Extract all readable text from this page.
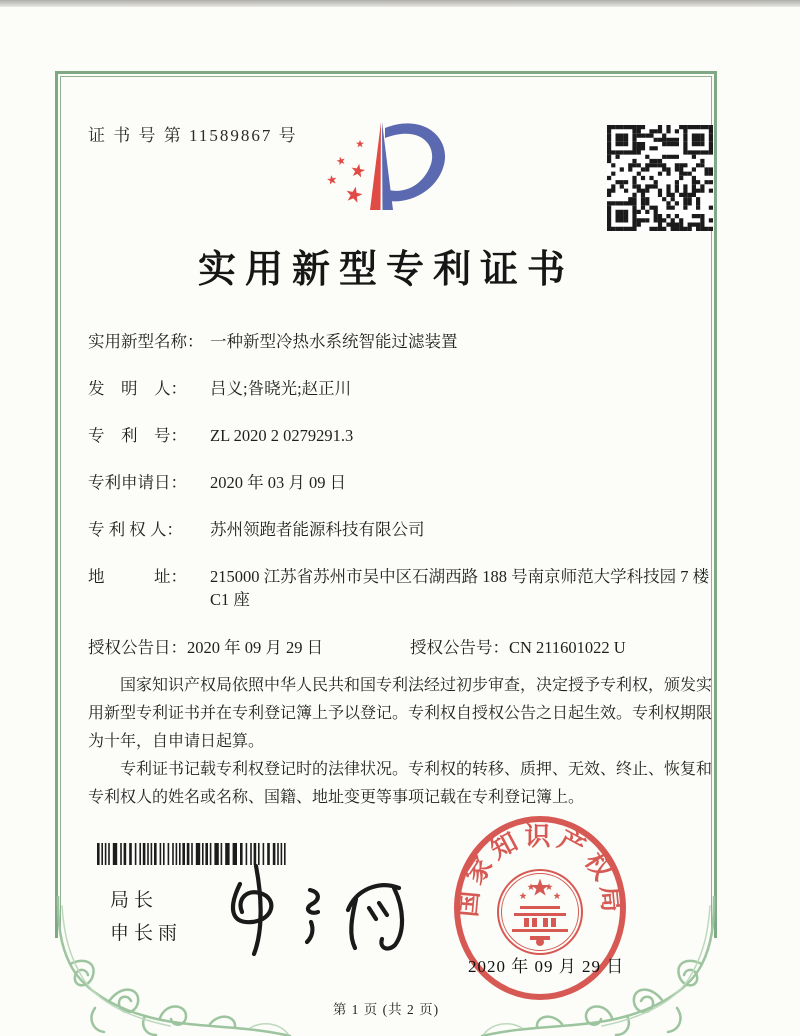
证 书 号 第 11589867 号
实用新型专利证书
实用新型名称： 一种新型冷热水系统智能过滤装置
发　明　人：	吕义;昝晓光;赵正川
专　利　号：	ZL 2020 2 0279291.3
专利申请日：	2020 年 03 月 09 日
专 利 权 人：	苏州领跑者能源科技有限公司
地　　　址：	215000 江苏省苏州市吴中区石湖西路 188 号南京师范大学科技园 7 楼 C1 座
授权公告日： 2020 年 09 月 29 日	授权公告号： CN 211601022 U

国家知识产权局依照中华人民共和国专利法经过初步审查，决定授予专利权，颁发实用新型专利证书并在专利登记簿上予以登记。专利权自授权公告之日起生效。专利权期限为十年，自申请日起算。

专利证书记载专利权登记时的法律状况。专利权的转移、质押、无效、终止、恢复和专利权人的姓名或名称、国籍、地址变更等事项记载在专利登记簿上。

局长
申长雨
国家知识产权局
2020 年 09 月 29 日
第 1 页 (共 2 页)
